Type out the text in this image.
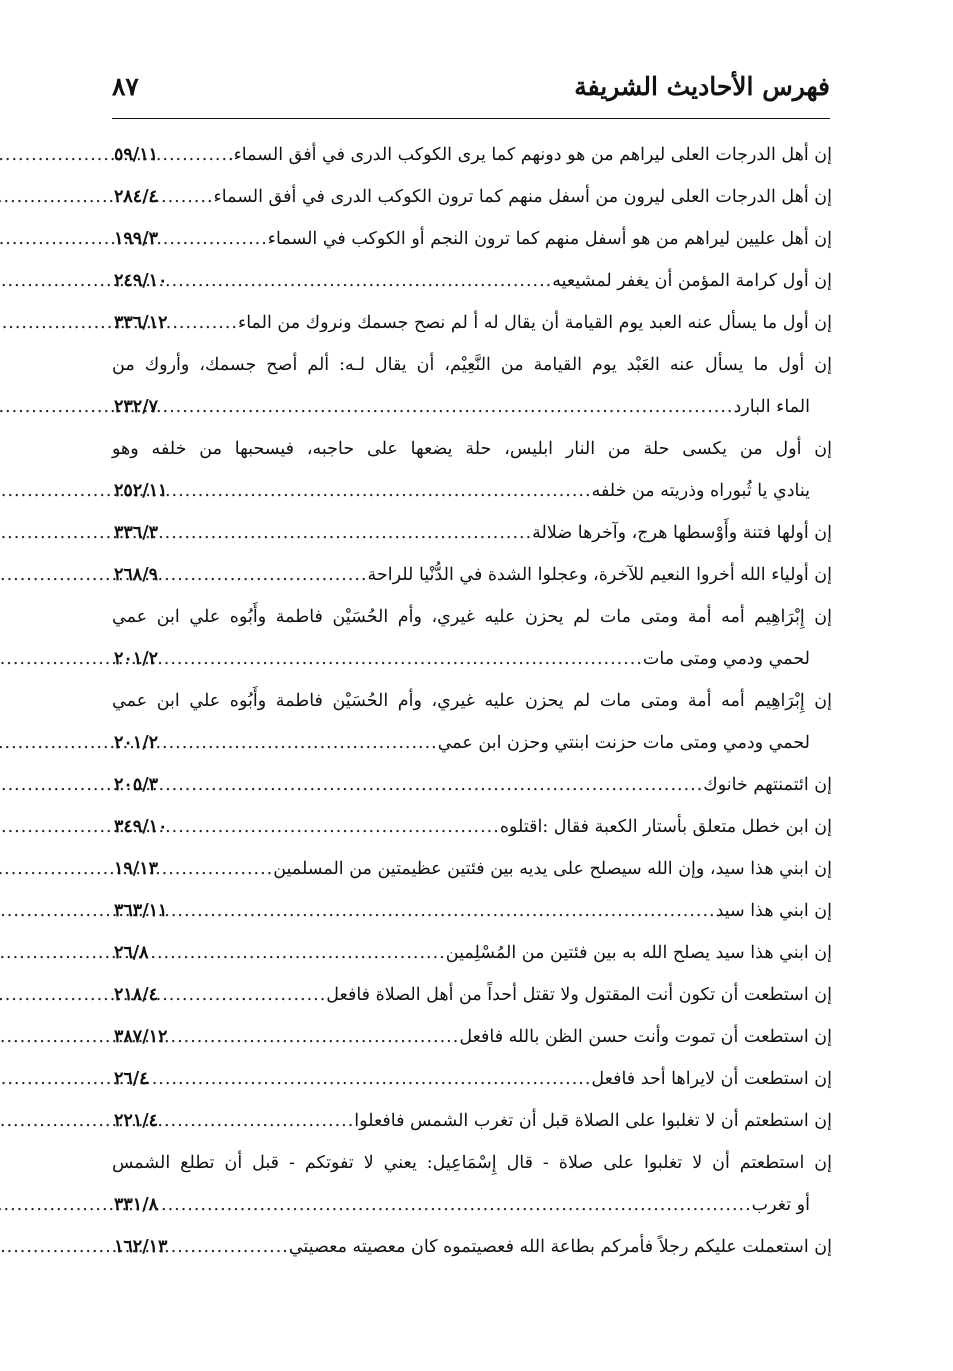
فهرس الأحاديث الشريفة
٨٧
إن أهل الدرجات العلى ليراهم من هو دونهم كما يرى الكوكب الدرى في أفق السماء.
.....
٥٩/١١
إن أهل الدرجات العلى ليرون من أسفل منهم كما ترون الكوكب الدرى في أفق السماء
.....
٢٨٤/٤
إن أهل عليين ليراهم من هو أسفل منهم كما ترون النجم أو الكوكب في السماء
.....
١٩٩/٣
إن أول كرامة المؤمن أن يغفر لمشيعيه
.....
٢٤٩/١٠
إن أول ما يسأل عنه العبد يوم القيامة أن يقال له أ لم نصح جسمك ونروك من الماء
.....
٣٣٦/١٢
إن أول ما يسأل عنه العَبْد يوم القيامة من النَّعِيْم، أن يقال لـه: ألم أصح جسمك، وأروك من
الماء البارد
.....
٢٣٢/٧
إن أول من يكسى حلة من النار ابليس، حلة يضعها على حاجبه، فيسحبها من خلفه وهو
ينادي يا ثُبوراه وذريته من خلفه
.....
٢٥٢/١١
إن أولها فتنة وأَوْسطها هرج، وآخرها ضلالة
.....
٣٣٦/٣
إن أولياء الله أخروا النعيم للآخرة، وعجلوا الشدة في الدُّنْيا للراحة
.....
٢٦٨/٩
إن إِبْرَاهِيم أمه أمة ومتى مات لم يحزن عليه غيري، وأم الحُسَيْن فاطمة وأَبُوه علي ابن عمي
لحمي ودمي ومتى مات
.....
٢٠١/٢
إن إِبْرَاهِيم أمه أمة ومتى مات لم يحزن عليه غيري، وأم الحُسَيْن فاطمة وأَبُوه علي ابن عمي
لحمي ودمي ومتى مات حزنت ابنتي وحزن ابن عمي
.....
٢٠١/٢
إن ائتمنتهم خانوك
.....
٢٠٥/٣
إن ابن خطل متعلق بأستار الكعبة فقال :اقتلوه
.....
٣٤٩/١٠
إن ابني هذا سيد، وإن الله سيصلح على يديه بين فئتين عظيمتين من المسلمين
.....
١٩/١٣
إن ابني هذا سيد
.....
٣٦٣/١١
إن ابني هذا سيد يصلح الله به بين فئتين من المُسْلِمين
.....
٢٦/٨
إن استطعت أن تكون أنت المقتول ولا تقتل أحداً من أهل الصلاة فافعل
.....
٢١٨/٤
إن استطعت أن تموت وأنت حسن الظن بالله فافعل
.....
٣٨٧/١٢
إن استطعت أن لايراها أحد فافعل
.....
٢٦/٤
إن استطعتم أن لا تغلبوا على الصلاة قبل أن تغرب الشمس فافعلوا
.....
٢٢١/٤
إن استطعتم أن لا تغلبوا على صلاة - قال إِسْمَاعِيل: يعني لا تفوتكم - قبل أن تطلع الشمس
أو تغرب
.....
٣٣١/٨
إن استعملت عليكم رجلاً فأمركم بطاعة الله فعصيتموه كان معصيته معصيتي
.....
١٦٢/١٣
